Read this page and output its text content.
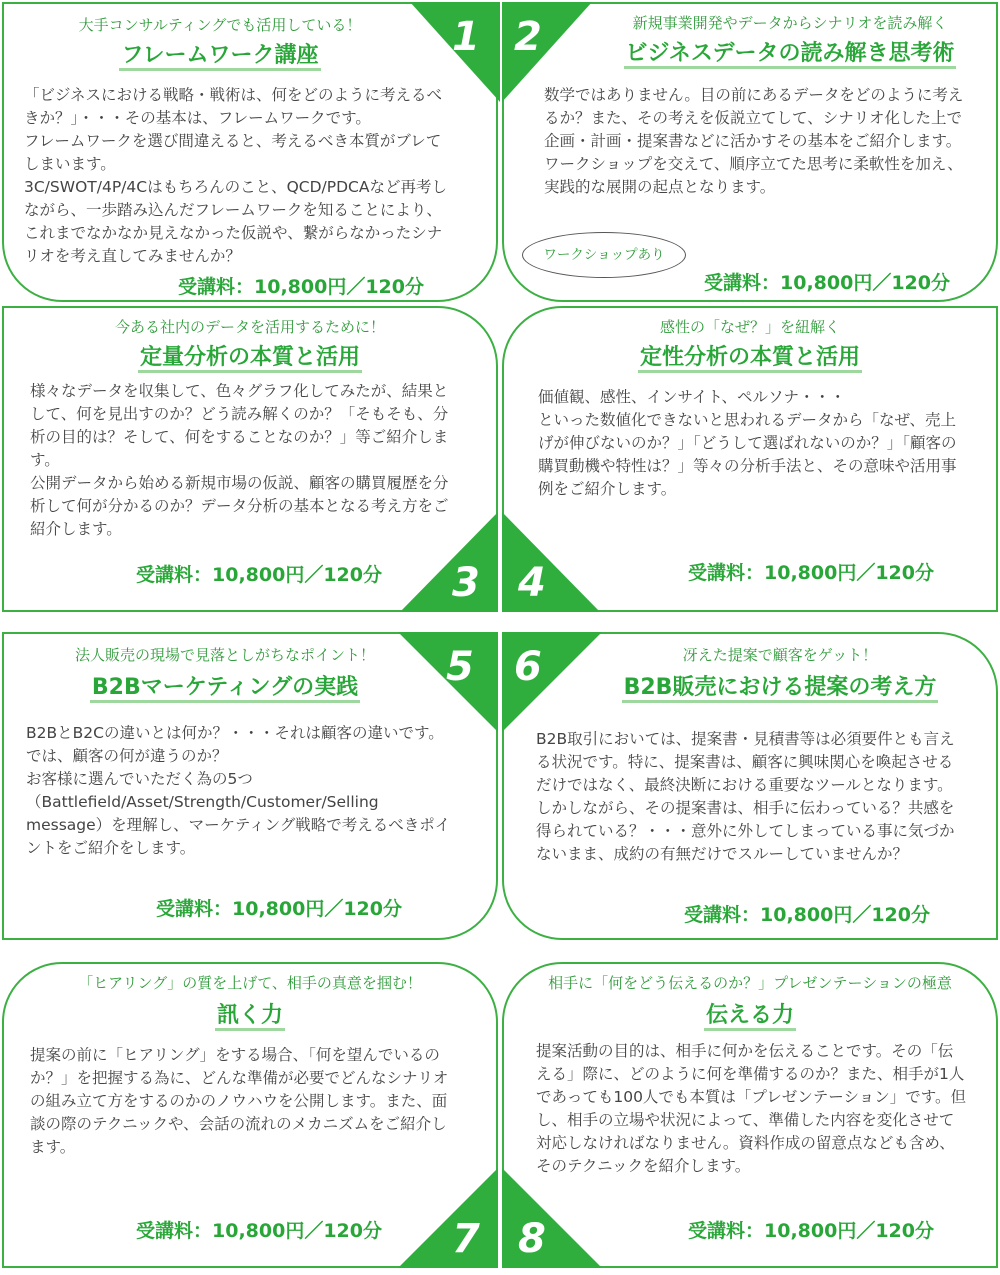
大手コンサルティングでも活用している！
フレームワーク講座
「ビジネスにおける戦略・戦術は、何をどのように考えるべきか？」・・・その基本は、フレームワークです。
フレームワークを選び間違えると、考えるべき本質がブレてしまいます。
3C/SWOT/4P/4Cはもちろんのこと、QCD/PDCAなど再考しながら、一歩踏み込んだフレームワークを知ることにより、これまでなかなか見えなかった仮説や、繋がらなかったシナリオを考え直してみませんか？
受講料：10,800円／120分
新規事業開発やデータからシナリオを読み解く
ビジネスデータの読み解き思考術
数学ではありません。目の前にあるデータをどのように考えるか？また、その考えを仮説立てして、シナリオ化した上で企画・計画・提案書などに活かすその基本をご紹介します。
ワークショップを交えて、順序立てた思考に柔軟性を加え、実践的な展開の起点となります。
受講料：10,800円／120分
ワークショップあり
今ある社内のデータを活用するために！
定量分析の本質と活用
様々なデータを収集して、色々グラフ化してみたが、結果として、何を見出すのか？どう読み解くのか？「そもそも、分析の目的は？そして、何をすることなのか？」等ご紹介します。
公開データから始める新規市場の仮説、顧客の購買履歴を分析して何が分かるのか？データ分析の基本となる考え方をご紹介します。
受講料：10,800円／120分
感性の「なぜ？」を紐解く
定性分析の本質と活用
価値観、感性、インサイト、ペルソナ・・・
といった数値化できないと思われるデータから「なぜ、売上げが伸びないのか？」「どうして選ばれないのか？」「顧客の購買動機や特性は？」等々の分析手法と、その意味や活用事例をご紹介します。
受講料：10,800円／120分
法人販売の現場で見落としがちなポイント！
B2Bマーケティングの実践
B2BとB2Cの違いとは何か？・・・それは顧客の違いです。では、顧客の何が違うのか？
お客様に選んでいただく為の5つ
（Battlefield/Asset/Strength/Customer/Selling message）を理解し、マーケティング戦略で考えるべきポイントをご紹介をします。
受講料：10,800円／120分
冴えた提案で顧客をゲット！
B2B販売における提案の考え方
B2B取引においては、提案書・見積書等は必須要件とも言える状況です。特に、提案書は、顧客に興味関心を喚起させるだけではなく、最終決断における重要なツールとなります。
しかしながら、その提案書は、相手に伝わっている？共感を得られている？・・・意外に外してしまっている事に気づかないまま、成約の有無だけでスルーしていませんか？
受講料：10,800円／120分
「ヒアリング」の質を上げて、相手の真意を掴む！
訊く力
提案の前に「ヒアリング」をする場合、「何を望んでいるのか？」を把握する為に、どんな準備が必要でどんなシナリオの組み立て方をするのかのノウハウを公開します。また、面談の際のテクニックや、会話の流れのメカニズムをご紹介します。
受講料：10,800円／120分
相手に「何をどう伝えるのか？」プレゼンテーションの極意
伝える力
提案活動の目的は、相手に何かを伝えることです。その「伝える」際に、どのように何を準備するのか？また、相手が1人であっても100人でも本質は「プレゼンテーション」です。但し、相手の立場や状況によって、準備した内容を変化させて対応しなければなりません。資料作成の留意点なども含め、そのテクニックを紹介します。
受講料：10,800円／120分
1 2
3 4
5 6
7 8
